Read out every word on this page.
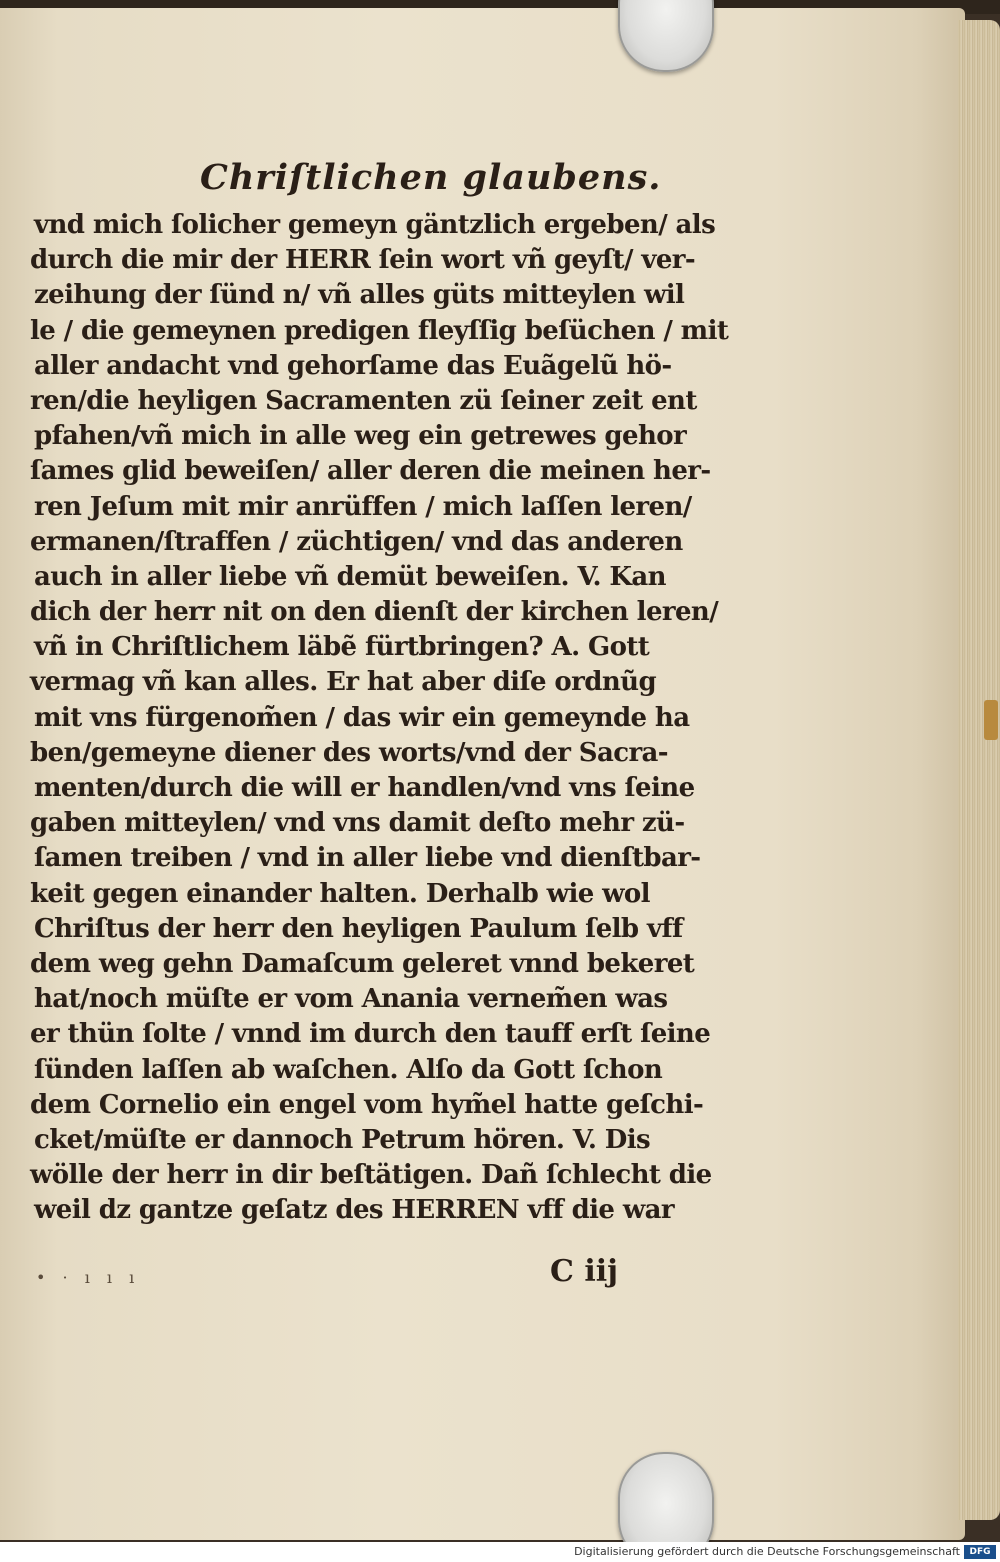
Chriſtlichen glaubens.
vnd mich ſolicher gemeyn gäntzlich ergeben/ als
durch die mir der HERR ſein wort vñ geyſt/ ver-
zeihung der ſünd n/ vñ alles güts mitteylen wil
le / die gemeynen predigen fleyſſig beſüchen / mit
aller andacht vnd gehorſame das Euãgelũ hö-
ren/die heyligen Sacramenten zü ſeiner zeit ent
pfahen/vñ mich in alle weg ein getrewes gehor
ſames glid beweiſen/ aller deren die meinen her-
ren Jeſum mit mir anrüffen / mich laſſen leren/
ermanen/ſtraffen / züchtigen/ vnd das anderen
auch in aller liebe vñ demüt beweiſen. V. Kan
dich der herr nit on den dienſt der kirchen leren/
vñ in Chriſtlichem läbẽ fürtbringen? A. Gott
vermag vñ kan alles. Er hat aber diſe ordnũg
mit vns fürgenom̃en / das wir ein gemeynde ha
ben/gemeyne diener des worts/vnd der Sacra-
menten/durch die will er handlen/vnd vns ſeine
gaben mitteylen/ vnd vns damit deſto mehr zü-
ſamen treiben / vnd in aller liebe vnd dienſtbar-
keit gegen einander halten. Derhalb wie wol
Chriſtus der herr den heyligen Paulum ſelb vff
dem weg gehn Damaſcum geleret vnnd bekeret
hat/noch müſte er vom Anania vernem̃en was
er thün ſolte / vnnd im durch den tauff erſt ſeine
ſünden laſſen ab waſchen. Alſo da Gott ſchon
dem Cornelio ein engel vom hym̃el hatte geſchi-
cket/müſte er dannoch Petrum hören. V. Dis
wölle der herr in dir beſtätigen. Dañ ſchlecht die
weil dz gantze geſatz des HERREN vff die war
• · ı ı ı	C iij
Digitalisierung gefördert durch die Deutsche Forschungsgemeinschaft	DFG
